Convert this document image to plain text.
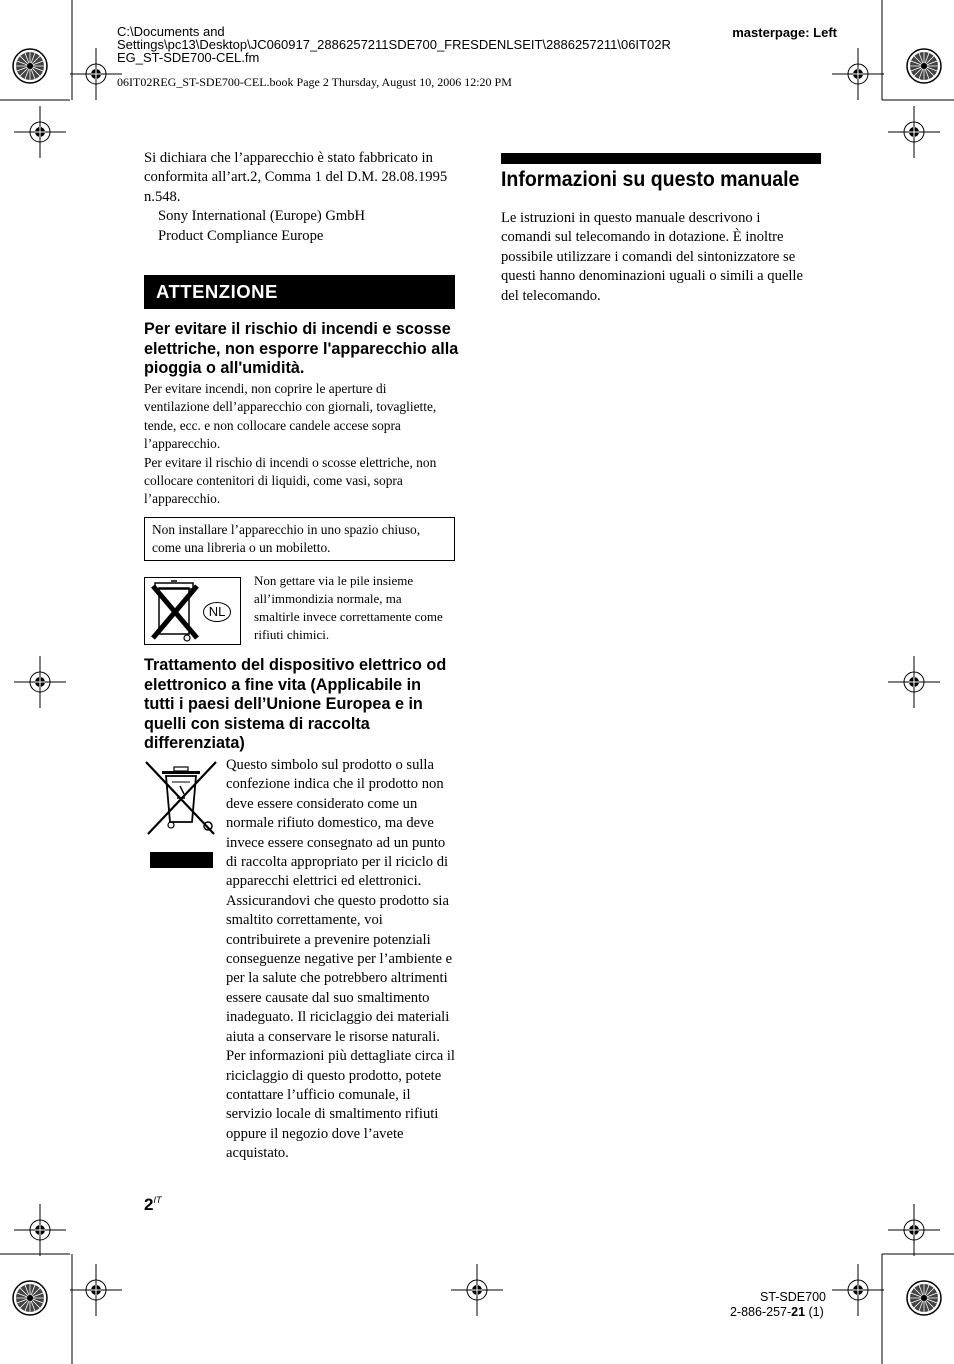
C:\Documents and
Settings\pc13\Desktop\JC060917_2886257211SDE700_FRESDENLSEIT\2886257211\06IT02R
EG_ST-SDE700-CEL.fm
masterpage: Left
06IT02REG_ST-SDE700-CEL.book Page 2 Thursday, August 10, 2006 12:20 PM
Si dichiara che l’apparecchio è stato fabbricato in
conformita all’art.2, Comma 1 del D.M. 28.08.1995
n.548.
Sony International (Europe) GmbH
Product Compliance Europe
ATTENZIONE
Per evitare il rischio di incendi e scosse
elettriche, non esporre l'apparecchio alla
pioggia o all'umidità.
Per evitare incendi, non coprire le aperture di
ventilazione dell’apparecchio con giornali, tovagliette,
tende, ecc. e non collocare candele accese sopra
l’apparecchio.
Per evitare il rischio di incendi o scosse elettriche, non
collocare contenitori di liquidi, come vasi, sopra
l’apparecchio.
Non installare l’apparecchio in uno spazio chiuso,
come una libreria o un mobiletto.
NL
Non gettare via le pile insieme
all’immondizia normale, ma
smaltirle invece correttamente come
rifiuti chimici.
Trattamento del dispositivo elettrico od
elettronico a fine vita (Applicabile in
tutti i paesi dell’Unione Europea e in
quelli con sistema di raccolta
differenziata)
Questo simbolo sul prodotto o sulla
confezione indica che il prodotto non
deve essere considerato come un
normale rifiuto domestico, ma deve
invece essere consegnato ad un punto
di raccolta appropriato per il riciclo di
apparecchi elettrici ed elettronici.
Assicurandovi che questo prodotto sia
smaltito correttamente, voi
contribuirete a prevenire potenziali
conseguenze negative per l’ambiente e
per la salute che potrebbero altrimenti
essere causate dal suo smaltimento
inadeguato. Il riciclaggio dei materiali
aiuta a conservare le risorse naturali.
Per informazioni più dettagliate circa il
riciclaggio di questo prodotto, potete
contattare l’ufficio comunale, il
servizio locale di smaltimento rifiuti
oppure il negozio dove l’avete
acquistato.
Informazioni su questo manuale
Le istruzioni in questo manuale descrivono i
comandi sul telecomando in dotazione. È inoltre
possibile utilizzare i comandi del sintonizzatore se
questi hanno denominazioni uguali o simili a quelle
del telecomando.
$2^{IT}$
ST-SDE700
2-886-257-21 (1)
